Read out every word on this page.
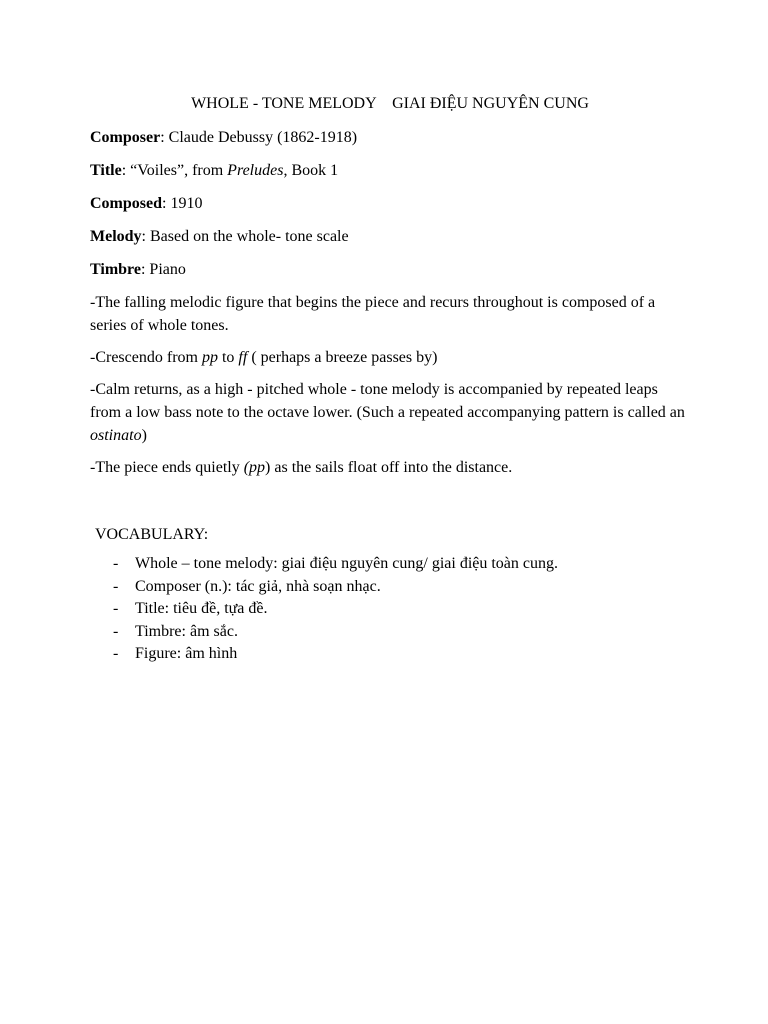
WHOLE - TONE MELODY GIAI ĐIỆU NGUYÊN CUNG
Composer: Claude Debussy (1862-1918)
Title: “Voiles”, from Preludes, Book 1
Composed: 1910
Melody: Based on the whole- tone scale
Timbre: Piano
-The falling melodic figure that begins the piece and recurs throughout is composed of a series of whole tones.
-Crescendo from pp to ff ( perhaps a breeze passes by)
-Calm returns, as a high - pitched whole - tone melody is accompanied by repeated leaps from a low bass note to the octave lower. (Such a repeated accompanying pattern is called an ostinato)
-The piece ends quietly (pp) as the sails float off into the distance.
VOCABULARY:
- Whole – tone melody: giai điệu nguyên cung/ giai điệu toàn cung.
- Composer (n.): tác giả, nhà soạn nhạc.
- Title: tiêu đề, tựa đề.
- Timbre: âm sắc.
- Figure: âm hình
